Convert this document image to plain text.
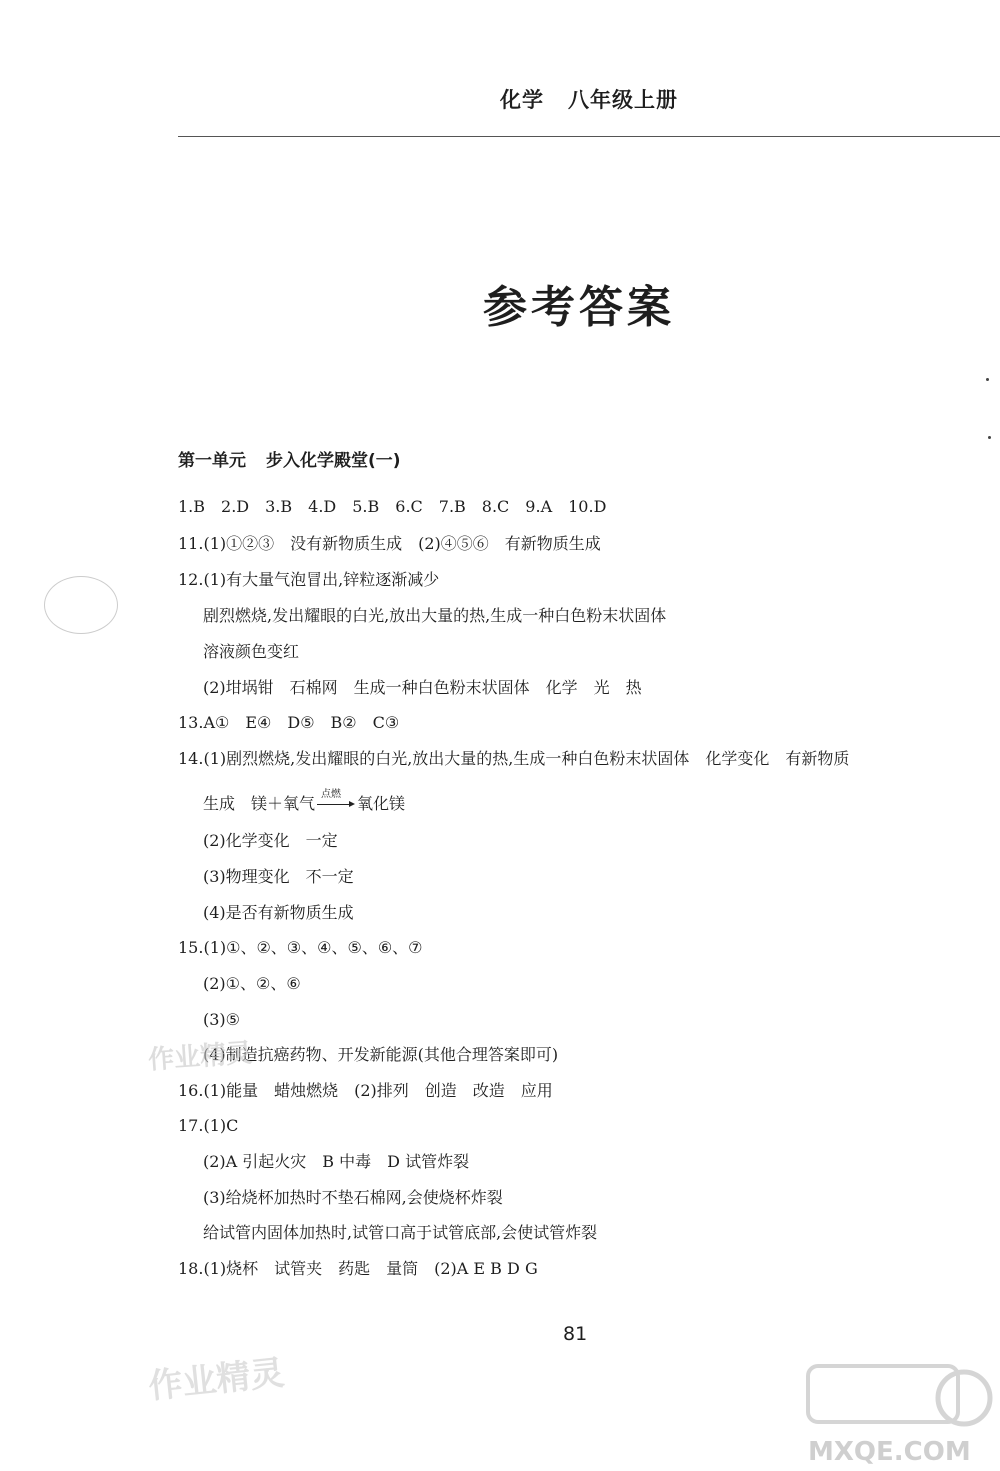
化学 八年级上册
参考答案
第一单元 步入化学殿堂(一)
1.B　2.D　3.B　4.D　5.B　6.C　7.B　8.C　9.A　10.D
11.(1)①②③　没有新物质生成　(2)④⑤⑥　有新物质生成
12.(1)有大量气泡冒出,锌粒逐渐减少
剧烈燃烧,发出耀眼的白光,放出大量的热,生成一种白色粉末状固体
溶液颜色变红
(2)坩埚钳　石棉网　生成一种白色粉末状固体　化学　光　热
13.A①　E④　D⑤　B②　C③
14.(1)剧烈燃烧,发出耀眼的白光,放出大量的热,生成一种白色粉末状固体　化学变化　有新物质
生成　镁＋氧气 点燃 氧化镁
(2)化学变化　一定
(3)物理变化　不一定
(4)是否有新物质生成
15.(1)①、②、③、④、⑤、⑥、⑦
(2)①、②、⑥
(3)⑤
(4)制造抗癌药物、开发新能源(其他合理答案即可)
16.(1)能量　蜡烛燃烧　(2)排列　创造　改造　应用
17.(1)C
(2)A 引起火灾　B 中毒　D 试管炸裂
(3)给烧杯加热时不垫石棉网,会使烧杯炸裂
给试管内固体加热时,试管口高于试管底部,会使试管炸裂
18.(1)烧杯　试管夹　药匙　量筒　(2)A E B D G
81
作业精灵
作业精灵
MXQE.COM
